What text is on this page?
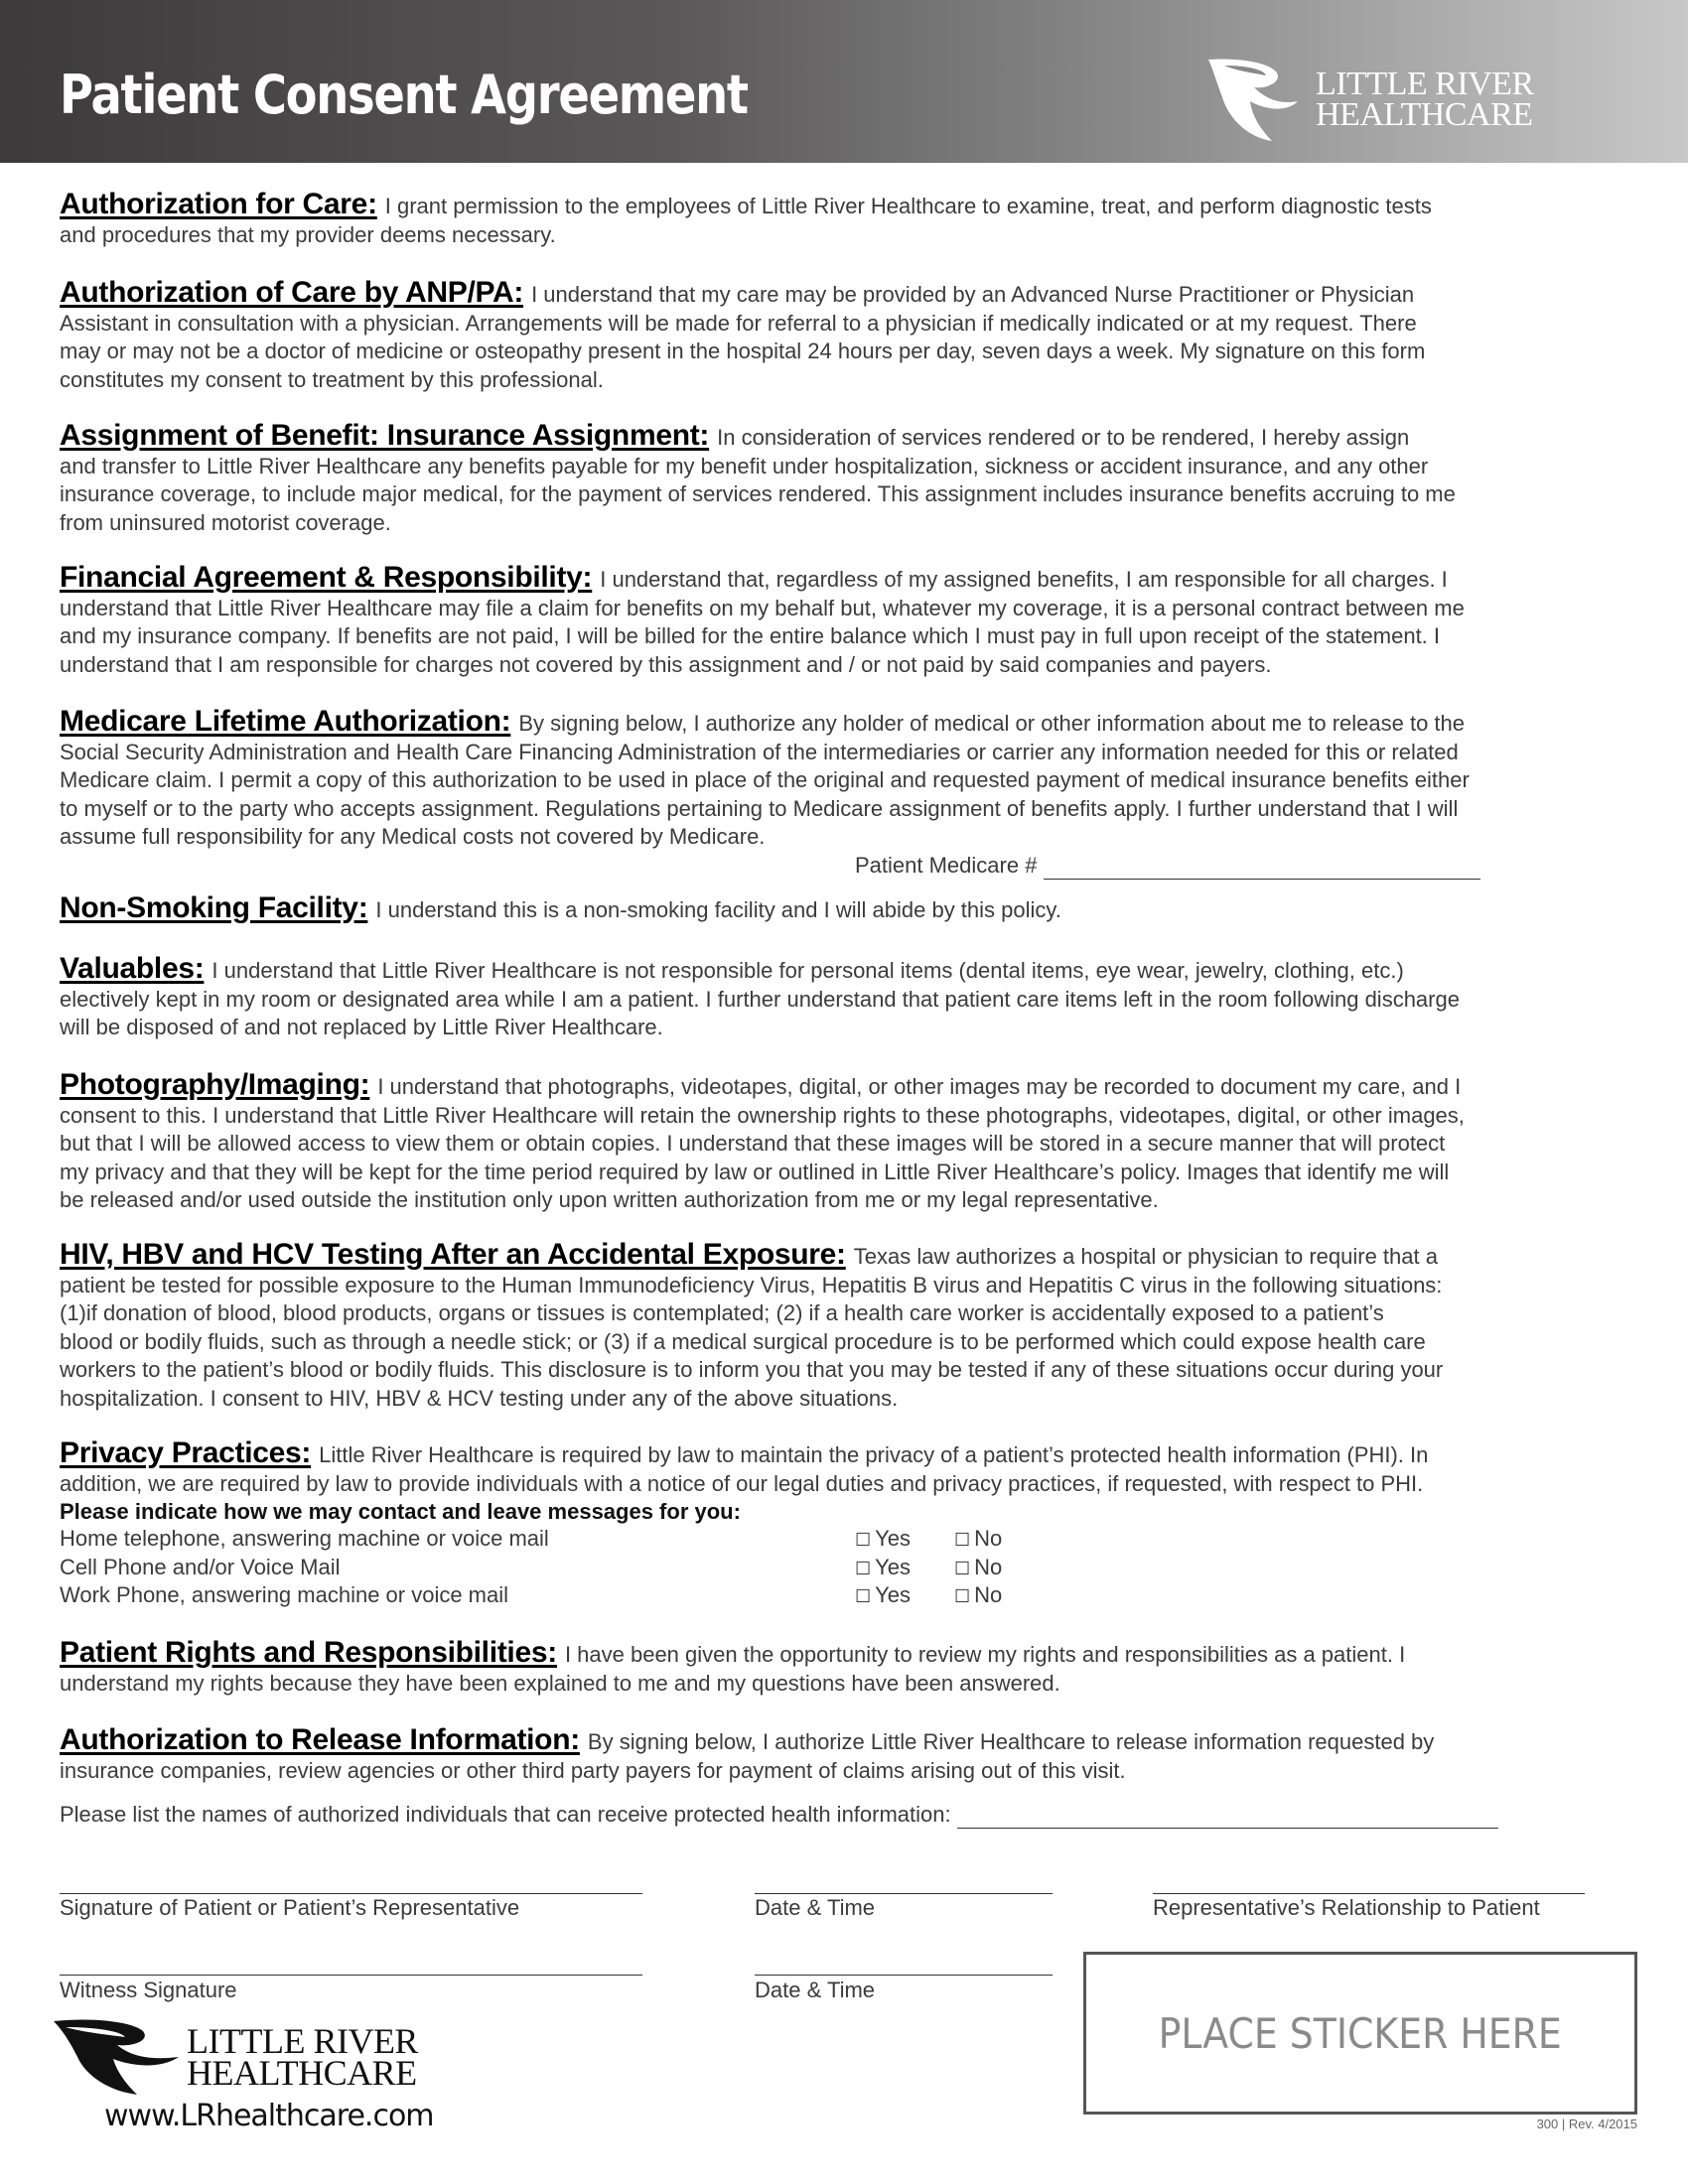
Patient Consent Agreement	LITTLE RIVER
HEALTHCARE
Authorization for Care: I grant permission to the employees of Little River Healthcare to examine, treat, and perform diagnostic tests
and procedures that my provider deems necessary.
Authorization of Care by ANP/PA: I understand that my care may be provided by an Advanced Nurse Practitioner or Physician
Assistant in consultation with a physician. Arrangements will be made for referral to a physician if medically indicated or at my request. There
may or may not be a doctor of medicine or osteopathy present in the hospital 24 hours per day, seven days a week. My signature on this form
constitutes my consent to treatment by this professional.
Assignment of Benefit: Insurance Assignment: In consideration of services rendered or to be rendered, I hereby assign
and transfer to Little River Healthcare any benefits payable for my benefit under hospitalization, sickness or accident insurance, and any other
insurance coverage, to include major medical, for the payment of services rendered. This assignment includes insurance benefits accruing to me
from uninsured motorist coverage.
Financial Agreement & Responsibility: I understand that, regardless of my assigned benefits, I am responsible for all charges. I
understand that Little River Healthcare may file a claim for benefits on my behalf but, whatever my coverage, it is a personal contract between me
and my insurance company. If benefits are not paid, I will be billed for the entire balance which I must pay in full upon receipt of the statement. I
understand that I am responsible for charges not covered by this assignment and / or not paid by said companies and payers.
Medicare Lifetime Authorization: By signing below, I authorize any holder of medical or other information about me to release to the
Social Security Administration and Health Care Financing Administration of the intermediaries or carrier any information needed for this or related
Medicare claim. I permit a copy of this authorization to be used in place of the original and requested payment of medical insurance benefits either
to myself or to the party who accepts assignment. Regulations pertaining to Medicare assignment of benefits apply. I further understand that I will
assume full responsibility for any Medical costs not covered by Medicare.
Non-Smoking Facility: I understand this is a non-smoking facility and I will abide by this policy.
Valuables: I understand that Little River Healthcare is not responsible for personal items (dental items, eye wear, jewelry, clothing, etc.)
electively kept in my room or designated area while I am a patient. I further understand that patient care items left in the room following discharge
will be disposed of and not replaced by Little River Healthcare.
Photography/Imaging: I understand that photographs, videotapes, digital, or other images may be recorded to document my care, and I
consent to this. I understand that Little River Healthcare will retain the ownership rights to these photographs, videotapes, digital, or other images,
but that I will be allowed access to view them or obtain copies. I understand that these images will be stored in a secure manner that will protect
my privacy and that they will be kept for the time period required by law or outlined in Little River Healthcare’s policy. Images that identify me will
be released and/or used outside the institution only upon written authorization from me or my legal representative.
HIV, HBV and HCV Testing After an Accidental Exposure: Texas law authorizes a hospital or physician to require that a
patient be tested for possible exposure to the Human Immunodeficiency Virus, Hepatitis B virus and Hepatitis C virus in the following situations:
(1)if donation of blood, blood products, organs or tissues is contemplated; (2) if a health care worker is accidentally exposed to a patient’s
blood or bodily fluids, such as through a needle stick; or (3) if a medical surgical procedure is to be performed which could expose health care
workers to the patient’s blood or bodily fluids. This disclosure is to inform you that you may be tested if any of these situations occur during your
hospitalization. I consent to HIV, HBV & HCV testing under any of the above situations.
Privacy Practices: Little River Healthcare is required by law to maintain the privacy of a patient’s protected health information (PHI). In
addition, we are required by law to provide individuals with a notice of our legal duties and privacy practices, if requested, with respect to PHI.
Please indicate how we may contact and leave messages for you:
Patient Rights and Responsibilities: I have been given the opportunity to review my rights and responsibilities as a patient. I
understand my rights because they have been explained to me and my questions have been answered.
Authorization to Release Information: By signing below, I authorize Little River Healthcare to release information requested by
insurance companies, review agencies or other third party payers for payment of claims arising out of this visit.
Patient Medicare #
Home telephone, answering machine or voice mail	☐ Yes ☐ No
Cell Phone and/or Voice Mail	☐ Yes ☐ No
Work Phone, answering machine or voice mail	☐ Yes ☐ No
Please list the names of authorized individuals that can receive protected health information:
Signature of Patient or Patient’s Representative	Date & Time	Representative’s Relationship to Patient
Witness Signature	Date & Time
PLACE STICKER HERE
LITTLE RIVER
HEALTHCARE
www.LRhealthcare.com	300 | Rev. 4/2015
